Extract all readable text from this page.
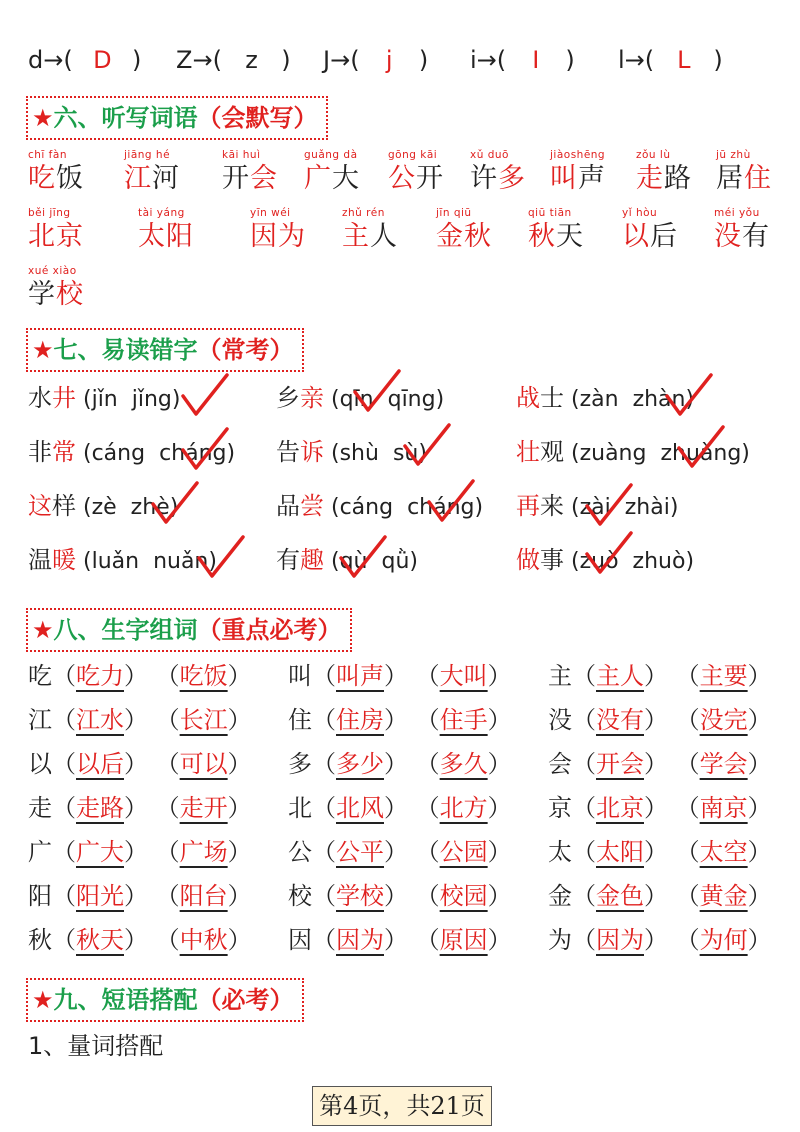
d→( D ) Z→( z ) J→( j ) i→( I ) l→( L )
★六、听写词语（会默写）
chī fàn
吃饭
jiāng hé
江河
kāi huì
开会
guǎng dà
广大
gōng kāi
公开
xǔ duō
许多
jiàoshēng
叫声
zǒu lù
走路
jū zhù
居住
běi jīng
北京
tài yáng
太阳
yīn wéi
因为
zhǔ rén
主人
jīn qiū
金秋
qiū tiān
秋天
yǐ hòu
以后
méi yǒu
没有
xué xiào
学校
★七、易读错字（常考）
水井 (jǐn jǐng)	乡亲 (qīn qīng)	战士 (zàn zhàn)
非常 (cáng cháng) 告诉 (shù sù)	壮观 (zuàng zhuàng)
这样 (zè zhè)	品尝 (cáng cháng) 再来 (zài zhài)
温暖 (luǎn nuǎn) 有趣 (qù qǜ)	做事 (zuò zhuò)
★八、生字组词（重点必考）
吃（吃力） （吃饭） 叫（叫声） （大叫） 主（主人） （主要）
江（江水） （长江） 住（住房） （住手） 没（没有） （没完）
以（以后） （可以） 多（多少） （多久） 会（开会） （学会）
走（走路） （走开） 北（北风） （北方） 京（北京） （南京）
广（广大） （广场） 公（公平） （公园） 太（太阳） （太空）
阳（阳光） （阳台） 校（学校） （校园） 金（金色） （黄金）
秋（秋天） （中秋） 因（因为） （原因） 为（因为） （为何）
★九、短语搭配（必考）
1、量词搭配
第4页，共21页
